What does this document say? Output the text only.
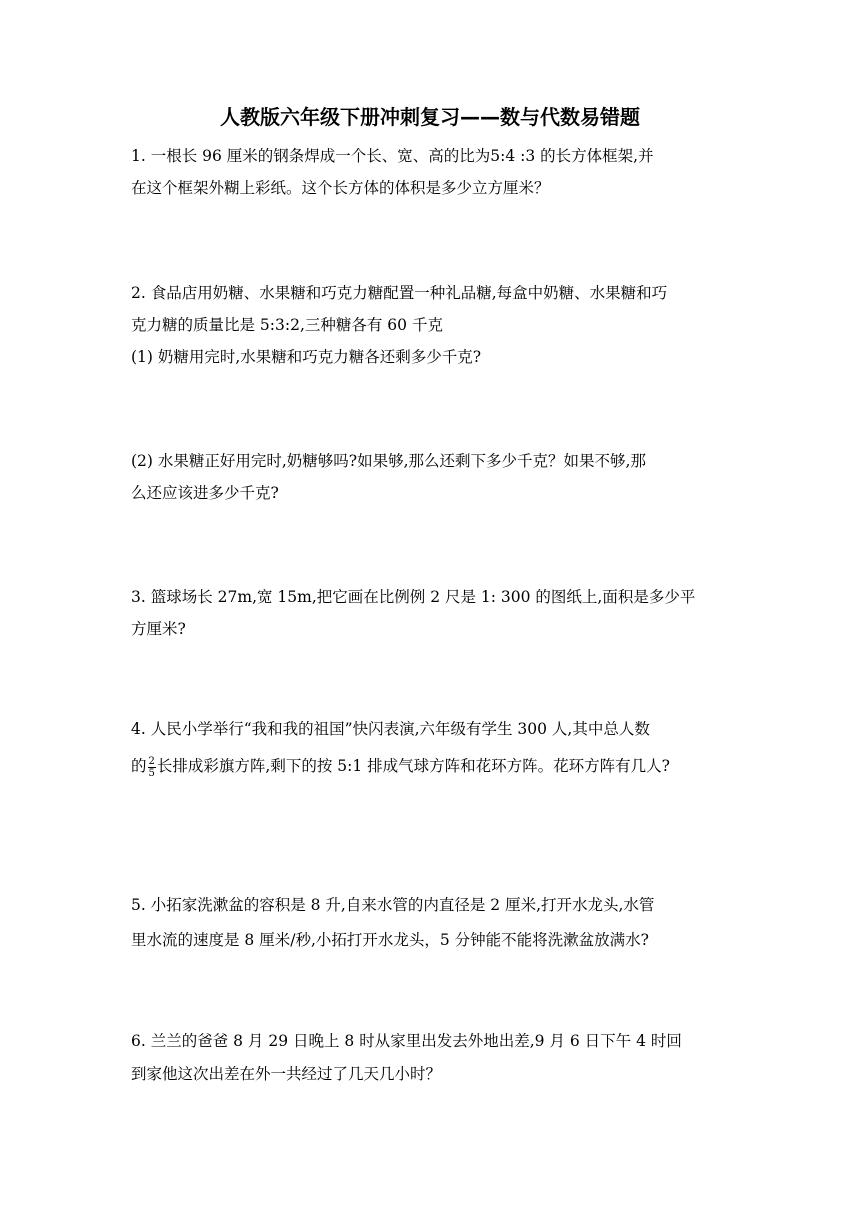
人教版六年级下册冲刺复习——数与代数易错题
1. 一根长 96 厘米的钢条焊成一个长、宽、高的比为5:4 :3 的长方体框架,并
在这个框架外糊上彩纸。这个长方体的体积是多少立方厘米？
2. 食品店用奶糖、水果糖和巧克力糖配置一种礼品糖,每盒中奶糖、水果糖和巧
克力糖的质量比是 5:3:2,三种糖各有 60 千克
(1) 奶糖用完时,水果糖和巧克力糖各还剩多少千克?
(2) 水果糖正好用完时,奶糖够吗?如果够,那么还剩下多少千克？如果不够,那
么还应该进多少千克?
3. 篮球场长 27m,宽 15m,把它画在比例例 2 尺是 1: 300 的图纸上,面积是多少平
方厘米?
4. 人民小学举行“我和我的祖国”快闪表演,六年级有学生 300 人,其中总人数
的 $\frac{2}{5}$ 长排成彩旗方阵,剩下的按 5:1 排成气球方阵和花环方阵。花环方阵有几人?
5. 小拓家洗漱盆的容积是 8 升,自来水管的内直径是 2 厘米,打开水龙头,水管
里水流的速度是 8 厘米/秒,小拓打开水龙头，5 分钟能不能将洗漱盆放满水?
6. 兰兰的爸爸 8 月 29 日晚上 8 时从家里出发去外地出差,9 月 6 日下午 4 时回
到家他这次出差在外一共经过了几天几小时？
